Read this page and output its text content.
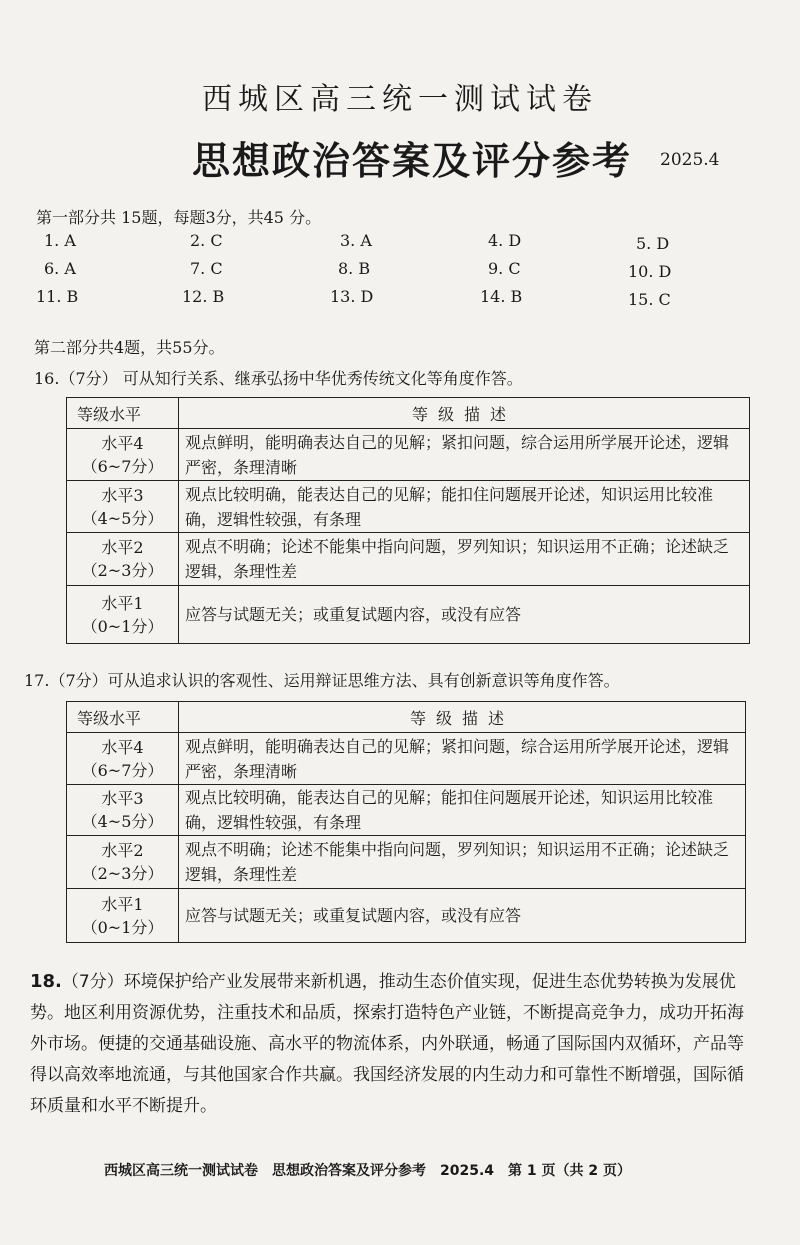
西城区高三统一测试试卷
思想政治答案及评分参考 2025.4
第一部分共 15题，每题3分，共45 分。
1. A	2. C	3. A	4. D	5. D
6. A	7. C	8. B	9. C	10. D
11. B	12. B	13. D	14. B	15. C
第二部分共4题，共55分。
16.（7分） 可从知行关系、继承弘扬中华优秀传统文化等角度作答。
等级水平	等级描述
水平4
（6~7分）	观点鲜明，能明确表达自己的见解；紧扣问题，综合运用所学展开论述，逻辑严密，条理清晰
水平3
（4~5分）	观点比较明确，能表达自己的见解；能扣住问题展开论述，知识运用比较准确，逻辑性较强，有条理
水平2
（2~3分）	观点不明确；论述不能集中指向问题，罗列知识；知识运用不正确；论述缺乏逻辑，条理性差
水平1
（0~1分）	应答与试题无关；或重复试题内容，或没有应答
17.（7分）可从追求认识的客观性、运用辩证思维方法、具有创新意识等角度作答。
等级水平	等级描述
水平4
（6~7分）	观点鲜明，能明确表达自己的见解；紧扣问题，综合运用所学展开论述，逻辑严密，条理清晰
水平3
（4~5分）	观点比较明确，能表达自己的见解；能扣住问题展开论述，知识运用比较准确，逻辑性较强，有条理
水平2
（2~3分）	观点不明确；论述不能集中指向问题，罗列知识；知识运用不正确；论述缺乏逻辑，条理性差
水平1
（0~1分）	应答与试题无关；或重复试题内容，或没有应答
18.（7分）环境保护给产业发展带来新机遇，推动生态价值实现，促进生态优势转换为发展优势。地区利用资源优势，注重技术和品质，探索打造特色产业链，不断提高竞争力，成功开拓海外市场。便捷的交通基础设施、高水平的物流体系，内外联通，畅通了国际国内双循环，产品等得以高效率地流通，与其他国家合作共赢。我国经济发展的内生动力和可靠性不断增强，国际循环质量和水平不断提升。
西城区高三统一测试试卷　思想政治答案及评分参考　2025.4　第 1 页（共 2 页）
